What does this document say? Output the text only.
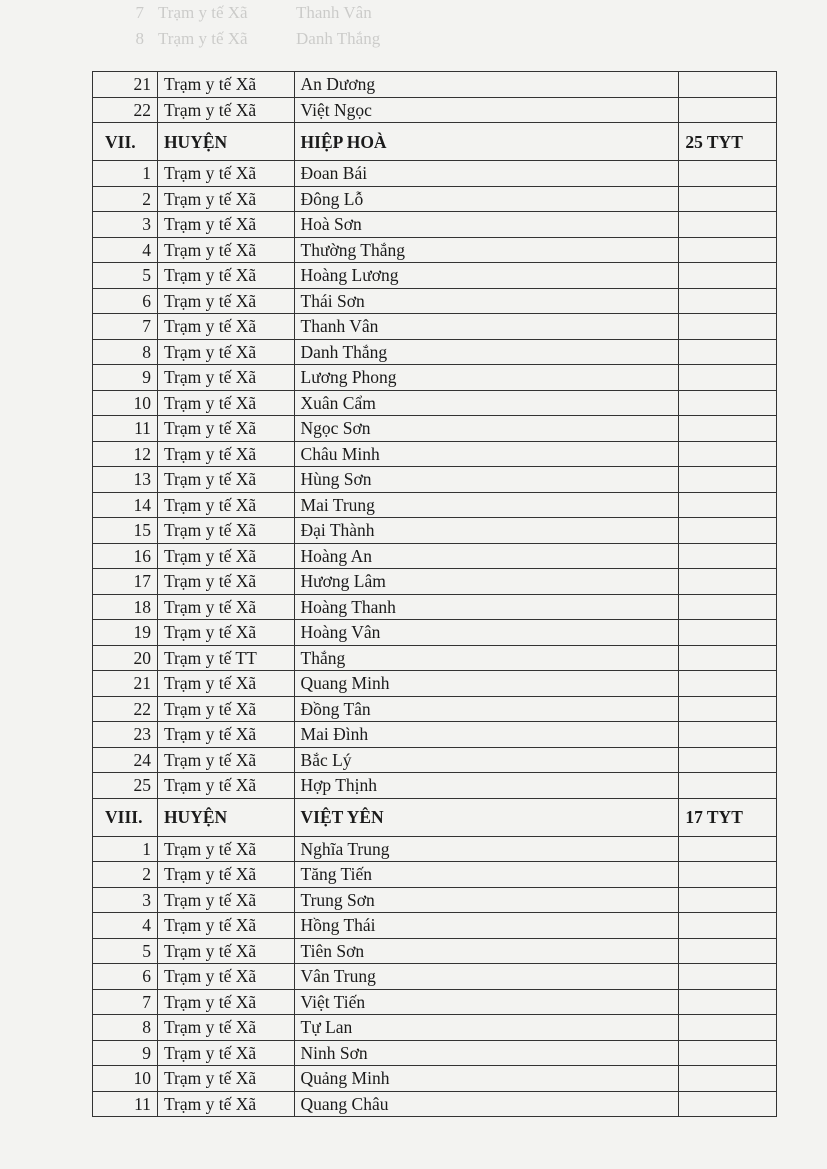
7 Trạm y tế Xã	Thanh Vân
8 Trạm y tế Xã	Danh Thắng
21	Trạm y tế Xã	An Dương	
22	Trạm y tế Xã	Việt Ngọc	
VII.	HUYỆN	HIỆP HOÀ	25 TYT
1	Trạm y tế Xã	Đoan Bái	
2	Trạm y tế Xã	Đông Lỗ	
3	Trạm y tế Xã	Hoà Sơn	
4	Trạm y tế Xã	Thường Thắng	
5	Trạm y tế Xã	Hoàng Lương	
6	Trạm y tế Xã	Thái Sơn	
7	Trạm y tế Xã	Thanh Vân	
8	Trạm y tế Xã	Danh Thắng	
9	Trạm y tế Xã	Lương Phong	
10	Trạm y tế Xã	Xuân Cẩm	
11	Trạm y tế Xã	Ngọc Sơn	
12	Trạm y tế Xã	Châu Minh	
13	Trạm y tế Xã	Hùng Sơn	
14	Trạm y tế Xã	Mai Trung	
15	Trạm y tế Xã	Đại Thành	
16	Trạm y tế Xã	Hoàng An	
17	Trạm y tế Xã	Hương Lâm	
18	Trạm y tế Xã	Hoàng Thanh	
19	Trạm y tế Xã	Hoàng Vân	
20	Trạm y tế TT	Thắng	
21	Trạm y tế Xã	Quang Minh	
22	Trạm y tế Xã	Đồng Tân	
23	Trạm y tế Xã	Mai Đình	
24	Trạm y tế Xã	Bắc Lý	
25	Trạm y tế Xã	Hợp Thịnh	
VIII.	HUYỆN	VIỆT YÊN	17 TYT
1	Trạm y tế Xã	Nghĩa Trung	
2	Trạm y tế Xã	Tăng Tiến	
3	Trạm y tế Xã	Trung Sơn	
4	Trạm y tế Xã	Hồng Thái	
5	Trạm y tế Xã	Tiên Sơn	
6	Trạm y tế Xã	Vân Trung	
7	Trạm y tế Xã	Việt Tiến	
8	Trạm y tế Xã	Tự Lan	
9	Trạm y tế Xã	Ninh Sơn	
10	Trạm y tế Xã	Quảng Minh	
11	Trạm y tế Xã	Quang Châu	
